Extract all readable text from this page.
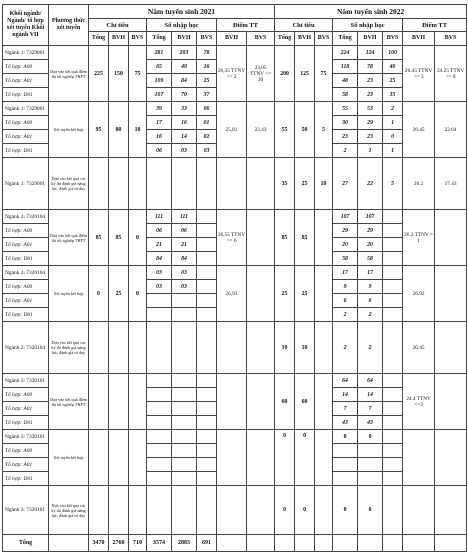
Khối ngành/ Ngành/ tổ hợp xét tuyển Khối ngành VII	Phương thức xét tuyển	Năm tuyển sinh 2021								Năm tuyển sinh 2022							
		Chỉ tiêu			Số nhập học			Điểm TT		Chỉ tiêu			Số nhập học			Điểm TT	
		Tổng	BVH	BVS	Tổng	BVH	BVS	BVH	BVS	Tổng	BVH	BVS	Tổng	BVH	BVS	BVH	BVS
Ngành 1: 7329001	Dựa vào kết quả điểm thi tốt nghiệp THPT	225	150	75	281	203	78	26,35 TTNV <= 2	23,05 TTNV <= 20	200	125	75	224	124	100	26.45 TTNV <= 3	24.25 TTNV <= 8
Tổ hợp: A00					65	49	16						118	78	40		
Tổ hợp: A01					109	84	25						48	23	25		
Tổ hợp: D01					107	70	37						58	23	35		
Ngành 1: 7329001	Xét tuyển kết hợp	95	80	10	39	33	06	25,81	22,43	55	50	5	55	53	2	26.45	22.64
Tổ hợp: A00					17	16	01						30	29	1		
Tổ hợp: A01					16	14	02						23	23	0		
Tổ hợp: D01					06	03	03						2	1	1		
Ngành 1: 7329001	Dựa vào kết quả các kỳ thi đánh giá năng lực, đánh giá tư duy									35	25	10	27	22	5	20.2	17.43
Ngành 2: 7320104	Dựa vào kết quả điểm thi tốt nghiệp THPT	85	85	0	111	111		26,55 TTNV <= 6		85	85		107	107		26.2 TTNV = 1	
Tổ hợp: A00					06	06							29	29			
Tổ hợp: A01					21	21							20	20			
Tổ hợp: D01					84	84							58	58			
Ngành 2: 7320104	Xét tuyển kết hợp	0	25	0	03	03		26,93		25	25		17	17		26.92	
Tổ hợp: A00					03	03							9	9			
Tổ hợp: A01													6	6			
Tổ hợp: D01													2	2			
Ngành 2: 7320104	Dựa vào kết quả các kỳ thi đánh giá năng lực, đánh giá tư duy									10	10		2	2		20.45	
Ngành 3: 7320101	Dựa vào kết quả điểm thi tốt nghiệp THPT									60	60		64	64		24.4 TTNV <=3	
Tổ hợp: A00													14	14			
Tổ hợp: A01													7	7			
Tổ hợp: D01													43	43			
Ngành 3: 7320101	Xét tuyển kết hợp									0	0		0	0			
Tổ hợp: A00																	
Tổ hợp: A01																	
Tổ hợp: D01																	
Ngành 3: 7320101	Dựa vào kết quả các kỳ thi đánh giá năng lực, đánh giá tư duy									0	0		0	0			
Tổng		3470	2760	710	3574	2883	691										
